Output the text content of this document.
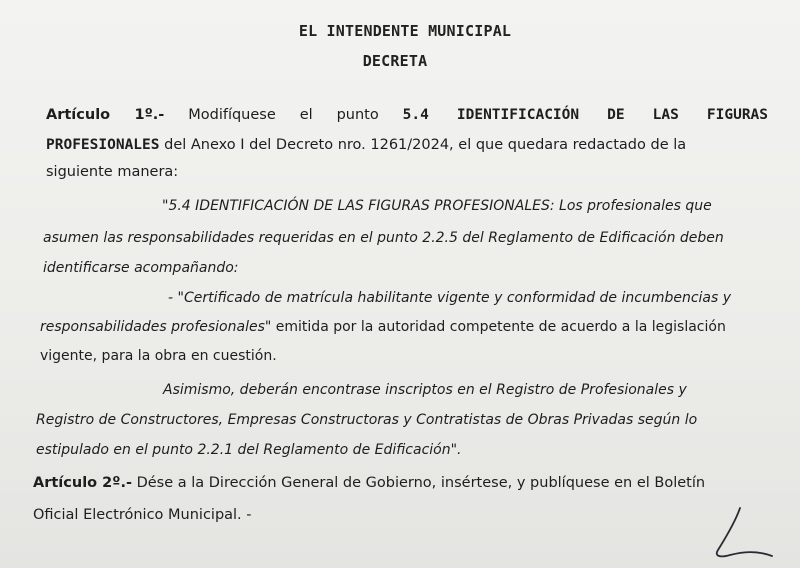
EL INTENDENTE MUNICIPAL
DECRETA
Artículo 1º.- Modifíquese el punto 5.4 IDENTIFICACIÓN DE LAS FIGURAS
PROFESIONALES del Anexo I del Decreto nro. 1261/2024, el que quedara redactado de la
siguiente manera:
"5.4 IDENTIFICACIÓN DE LAS FIGURAS PROFESIONALES: Los profesionales que
asumen las responsabilidades requeridas en el punto 2.2.5 del Reglamento de Edificación deben
identificarse acompañando:
- "Certificado de matrícula habilitante vigente y conformidad de incumbencias y
responsabilidades profesionales" emitida por la autoridad competente de acuerdo a la legislación
vigente, para la obra en cuestión.
Asimismo, deberán encontrase inscriptos en el Registro de Profesionales y
Registro de Constructores, Empresas Constructoras y Contratistas de Obras Privadas según lo
estipulado en el punto 2.2.1 del Reglamento de Edificación".
Artículo 2º.- Dése a la Dirección General de Gobierno, insértese, y publíquese en el Boletín
Oficial Electrónico Municipal. -
